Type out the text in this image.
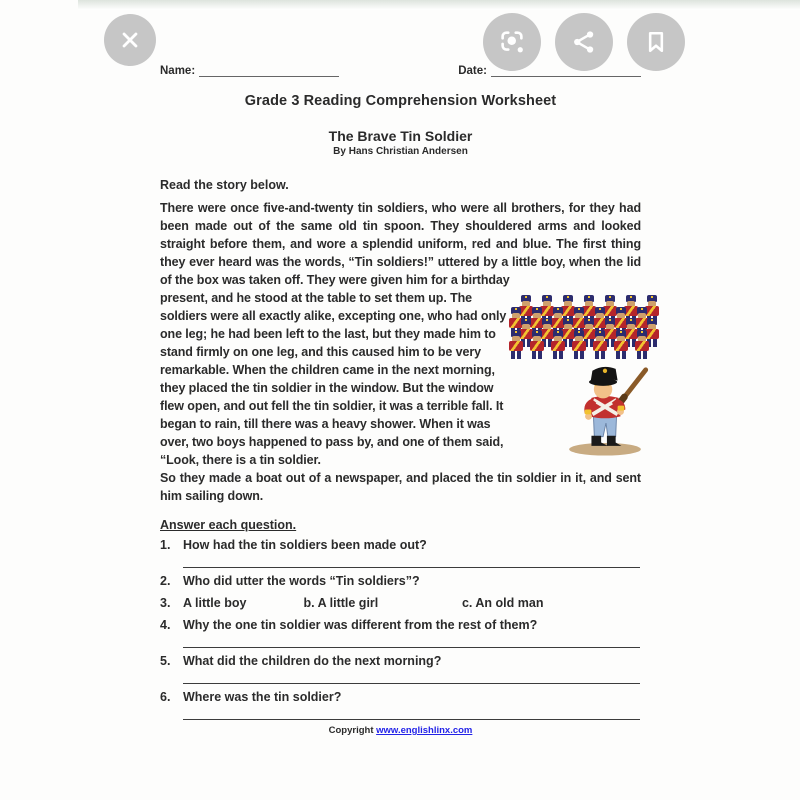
Name:	Date:
Grade 3 Reading Comprehension Worksheet
The Brave Tin Soldier
By Hans Christian Andersen
Read the story below.

There were once five-and-twenty tin soldiers, who were all brothers, for they had been made out of the same old tin spoon. They shouldered arms and looked straight before them, and wore a splendid uniform, red and blue. The first thing they ever heard was the words, “Tin soldiers!” uttered by a little boy, when the lid of the box was taken off. They were given him for a birthday

present, and he stood at the table to set them up. The soldiers were all exactly alike, excepting one, who had only one leg; he had been left to the last, but they made him to stand firmly on one leg, and this caused him to be very remarkable. When the children came in the next morning, they placed the tin soldier in the window. But the window flew open, and out fell the tin soldier, it was a terrible fall. It began to rain, till there was a heavy shower. When it was over, two boys happened to pass by, and one of them said, “Look, there is a tin soldier.

So they made a boat out of a newspaper, and placed the tin soldier in it, and sent him sailing down.

Answer each question.
1.	How had the tin soldiers been made out?
2.	Who did utter the words “Tin soldiers”?
3.	A little boy	b. A little girl	c. An old man
4.	Why the one tin soldier was different from the rest of them?
5.	What did the children do the next morning?
6.	Where was the tin soldier?
Copyright www.englishlinx.com
